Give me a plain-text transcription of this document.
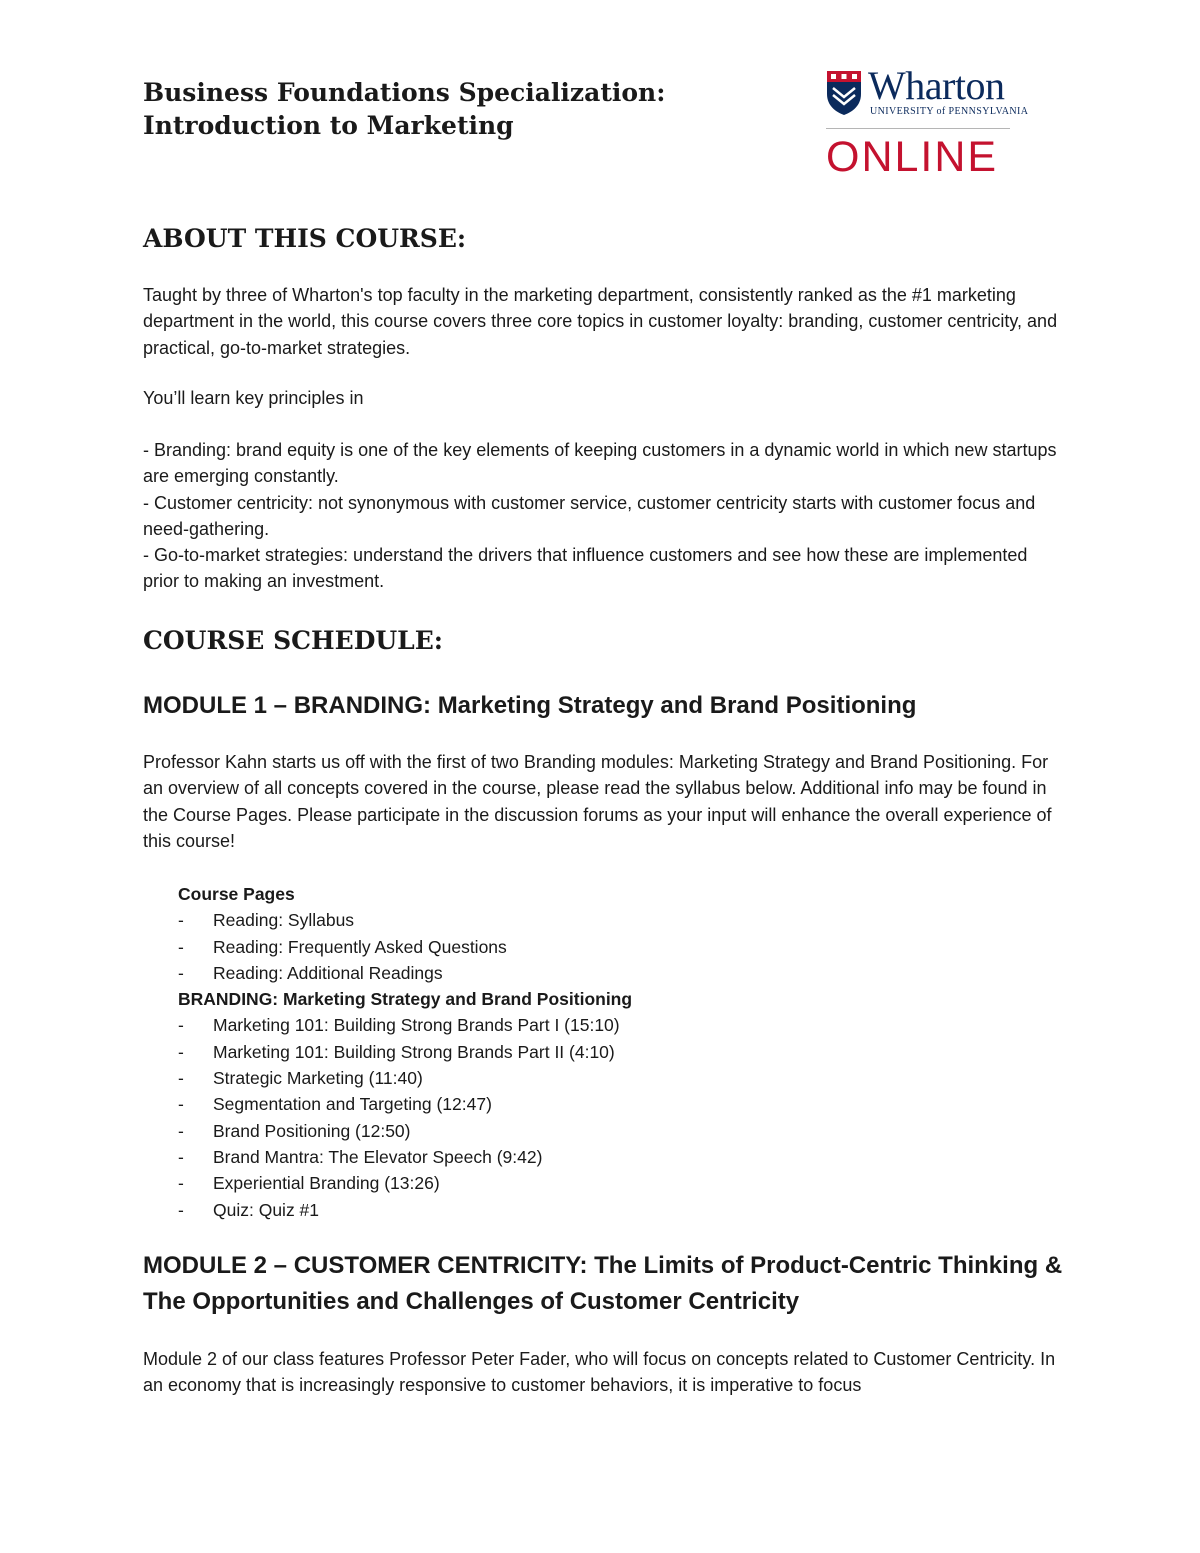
Business Foundations Specialization:
Introduction to Marketing
Wharton
UNIVERSITY of PENNSYLVANIA
ONLINE
ABOUT THIS COURSE:

Taught by three of Wharton's top faculty in the marketing department, consistently ranked as the #1 marketing department in the world, this course covers three core topics in customer loyalty: branding, customer centricity, and practical, go-to-market strategies.

You’ll learn key principles in

- Branding: brand equity is one of the key elements of keeping customers in a dynamic world in which new startups are emerging constantly.

- Customer centricity: not synonymous with customer service, customer centricity starts with customer focus and need-gathering.

- Go-to-market strategies: understand the drivers that influence customers and see how these are implemented prior to making an investment.

COURSE SCHEDULE:
MODULE 1 – BRANDING: Marketing Strategy and Brand Positioning

Professor Kahn starts us off with the first of two Branding modules: Marketing Strategy and Brand Positioning. For an overview of all concepts covered in the course, please read the syllabus below. Additional info may be found in the Course Pages. Please participate in the discussion forums as your input will enhance the overall experience of this course!

Course Pages
- Reading: Syllabus
- Reading: Frequently Asked Questions
- Reading: Additional Readings
BRANDING: Marketing Strategy and Brand Positioning
- Marketing 101: Building Strong Brands Part I (15:10)
- Marketing 101: Building Strong Brands Part II (4:10)
- Strategic Marketing (11:40)
- Segmentation and Targeting (12:47)
- Brand Positioning (12:50)
- Brand Mantra: The Elevator Speech (9:42)
- Experiential Branding (13:26)
- Quiz: Quiz #1
MODULE 2 – CUSTOMER CENTRICITY: The Limits of Product-Centric Thinking & The Opportunities and Challenges of Customer Centricity

Module 2 of our class features Professor Peter Fader, who will focus on concepts related to Customer Centricity. In an economy that is increasingly responsive to customer behaviors, it is imperative to focus
